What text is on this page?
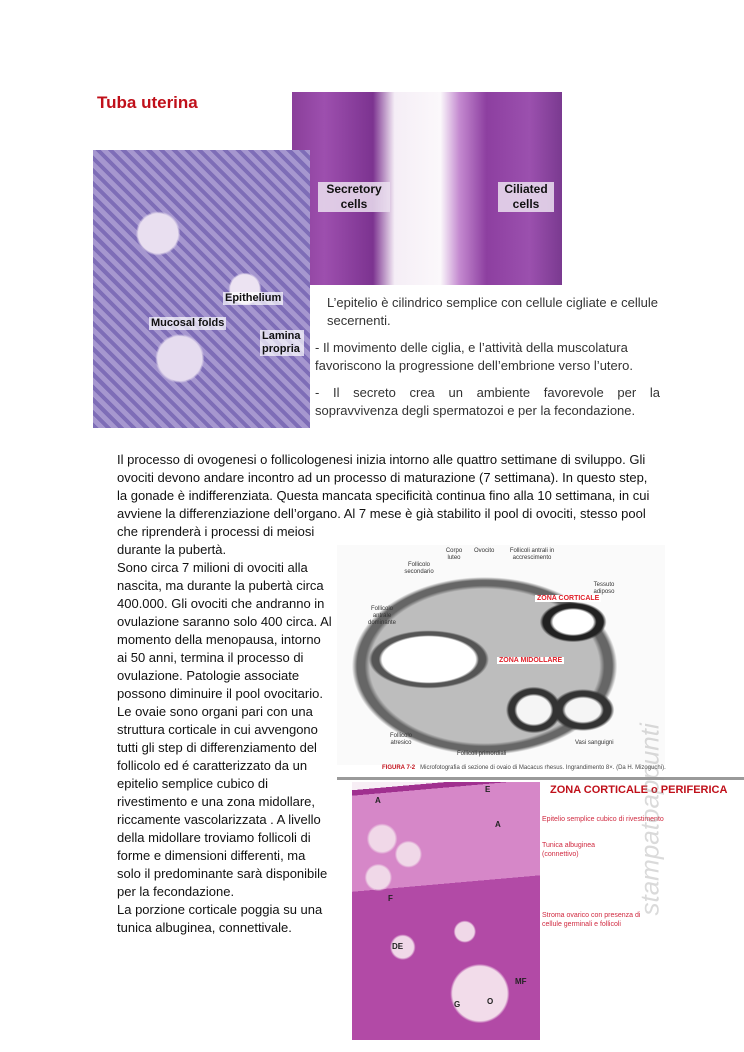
Tuba uterina
Secretory cells
Ciliated cells
Epithelium
Mucosal folds
Lamina propria

L’epitelio è cilindrico semplice con cellule cigliate e cellule secernenti.

- Il movimento delle ciglia, e l’attività della muscolatura favoriscono la progressione dell’embrione verso l’utero.

- Il secreto crea un ambiente favorevole per la sopravvivenza degli spermatozoi e per la fecondazione.

Il processo di ovogenesi o follicologenesi inizia intorno alle quattro settimane di sviluppo. Gli ovociti devono andare incontro ad un processo di maturazione (7 settimana). In questo step, la gonade è indifferenziata. Questa mancata specificità continua fino alla 10 settimana, in cui avviene la differenziazione dell’organo. Al 7 mese è già stabilito il pool di ovociti, stesso pool
che riprenderà i processi di meiosi durante la pubertà.
Sono circa 7 milioni di ovociti alla nascita, ma durante la pubertà circa 400.000. Gli ovociti che andranno in ovulazione saranno solo 400 circa. Al momento della menopausa, intorno ai 50 anni, termina il processo di ovulazione. Patologie associate possono diminuire il pool ovocitario.
Le ovaie sono organi pari con una struttura corticale in cui avvengono tutti gli step di differenziamento del follicolo ed é caratterizzato da un epitelio semplice cubico di rivestimento e una zona midollare, riccamente vascolarizzata . A livello della midollare troviamo follicoli di forme e dimensioni differenti, ma solo il predominante sarà disponibile per la fecondazione.
La porzione corticale poggia su una tunica albuginea, connettivale.
Corpo luteo
Ovocito	Follicoli antrali in accrescimento
Follicolo secondario
Tessuto adiposo
Follicolo antrale dominante
Follicolo atresico
Follicoli primordiali
Vasi sanguigni
ZONA CORTICALE
ZONA MIDOLLARE
FIGURA 7-2 Microfotografia di sezione di ovaio di Macacus rhesus. Ingrandimento 8×. (Da H. Mizoguchi).
E
A
A
F
DE
MF
G	O
ZONA CORTICALE o PERIFERICA
Epitelio semplice cubico di rivestimento
Tunica albuginea (connettivo)
Stroma ovarico con presenza di cellule germinali e follicoli
stampatoappunti
